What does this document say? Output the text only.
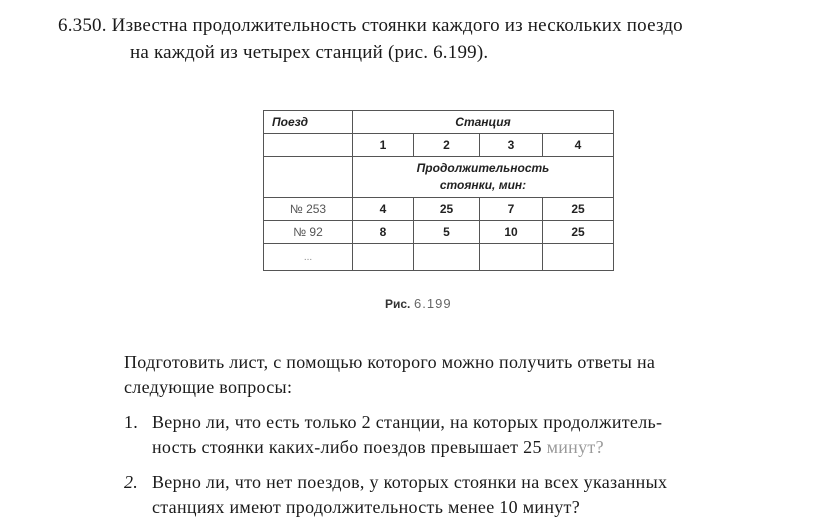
6.350. Известна продолжительность стоянки каждого из нескольких поездо
на каждой из четырех станций (рис. 6.199).
Поезд	Станция			
	1	2	3	4
	Продолжительность
стоянки, мин:			
№ 253	4	25	7	25
№ 92	8	5	10	25
...				
Рис. 6.199
Подготовить лист, с помощью которого можно получить ответы на
следующие вопросы:
1. Верно ли, что есть только 2 станции, на которых продолжитель-
ность стоянки каких-либо поездов превышает 25 минут?
2. Верно ли, что нет поездов, у которых стоянки на всех указанных
станциях имеют продолжительность менее 10 минут?
